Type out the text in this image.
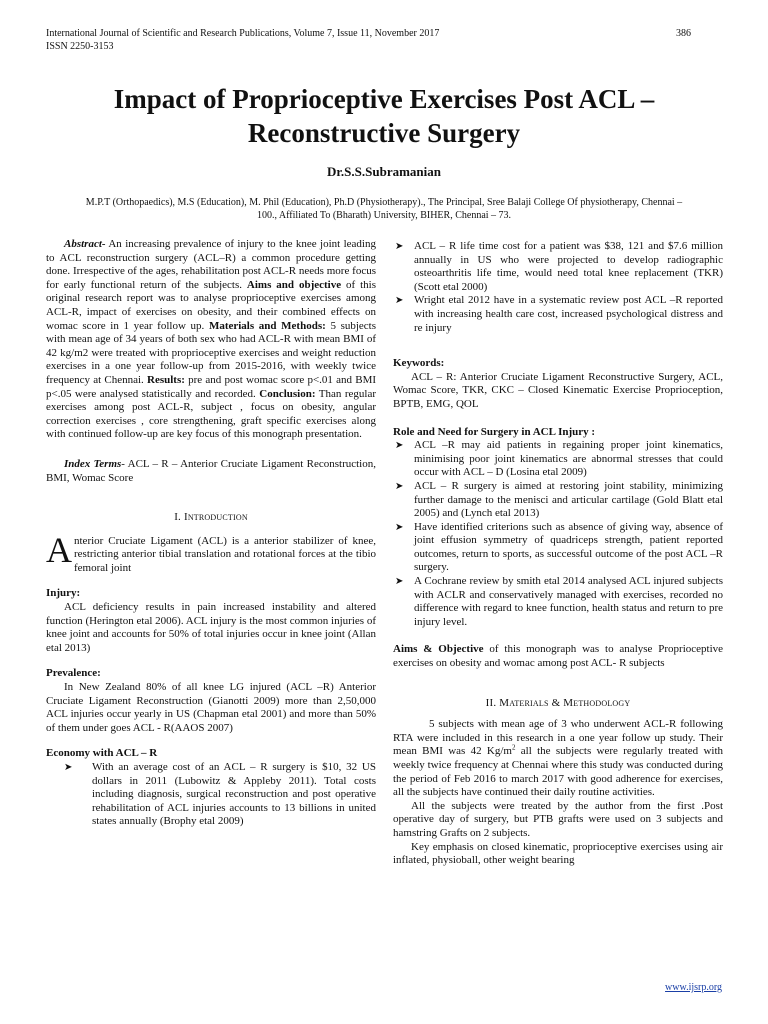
International Journal of Scientific and Research Publications, Volume 7, Issue 11, November 2017
ISSN 2250-3153
386
Impact of Proprioceptive Exercises Post ACL –
Reconstructive Surgery
Dr.S.S.Subramanian
M.P.T (Orthopaedics), M.S (Education), M. Phil (Education), Ph.D (Physiotherapy)., The Principal, Sree Balaji College Of physiotherapy, Chennai –
100., Affiliated To (Bharath) University, BIHER, Chennai – 73.

Abstract- An increasing prevalence of injury to the knee joint leading to ACL reconstruction surgery (ACL–R) a common procedure getting done. Irrespective of the ages, rehabilitation post ACL-R needs more focus for early functional return of the subjects. Aims and objective of this original research report was to analyse proprioceptive exercises among ACL-R, impact of exercises on obesity, and their combined effects on womac score in 1 year follow up. Materials and Methods: 5 subjects with mean age of 34 years of both sex who had ACL-R with mean BMI of 42 kg/m2 were treated with proprioceptive exercises and weight reduction exercises in a one year follow-up from 2015-2016, with weekly twice frequency at Chennai. Results: pre and post womac score p<.01 and BMI p<.05 were analysed statistically and recorded. Conclusion: Than regular exercises among post ACL-R, subject , focus on obesity, angular correction exercises , core strengthening, graft specific exercises along with continued follow-up are key focus of this monograph presentation.

Index Terms- ACL – R – Anterior Cruciate Ligament Reconstruction, BMI, Womac Score

I. Introduction

Anterior Cruciate Ligament (ACL) is a anterior stabilizer of knee, restricting anterior tibial translation and rotational forces at the tibio femoral joint

Injury:

ACL deficiency results in pain increased instability and altered function (Herington etal 2006). ACL injury is the most common injuries of knee joint and accounts for 50% of total injuries occur in knee joint (Allan etal 2013)

Prevalence:

In New Zealand 80% of all knee LG injured (ACL –R) Anterior Cruciate Ligament Reconstruction (Gianotti 2009) more than 2,50,000 ACL injuries occur yearly in US (Chapman etal 2001) and more than 50% of them under goes ACL - R(AAOS 2007)

Economy with ACL – R

➤ With an average cost of an ACL – R surgery is $10, 32 US dollars in 2011 (Lubowitz & Appleby 2011). Total costs including diagnosis, surgical reconstruction and post operative rehabilitation of ACL injuries accounts to 13 billions in united states annually (Brophy etal 2009)
➤ ACL – R life time cost for a patient was $38, 121 and $7.6 million annually in US who were projected to develop radiographic osteoarthritis life time, would need total knee replacement (TKR) (Scott etal 2000)
➤ Wright etal 2012 have in a systematic review post ACL –R reported with increasing health care cost, increased psychological distress and re injury

Keywords:

ACL – R: Anterior Cruciate Ligament Reconstructive Surgery, ACL, Womac Score, TKR, CKC – Closed Kinematic Exercise Proprioception, BPTB, EMG, QOL

Role and Need for Surgery in ACL Injury :

➤ ACL –R may aid patients in regaining proper joint kinematics, minimising poor joint kinematics are abnormal stresses that could occur with ACL – D (Losina etal 2009)
➤ ACL – R surgery is aimed at restoring joint stability, minimizing further damage to the menisci and articular cartilage (Gold Blatt etal 2005) and (Lynch etal 2013)
➤ Have identified criterions such as absence of giving way, absence of joint effusion symmetry of quadriceps strength, patient reported outcomes, return to sports, as successful outcome of the post ACL –R surgery.
➤ A Cochrane review by smith etal 2014 analysed ACL injured subjects with ACLR and conservatively managed with exercises, recorded no difference with regard to knee function, health status and return to pre injury level.

Aims & Objective of this monograph was to analyse Proprioceptive exercises on obesity and womac among post ACL- R subjects

II. Materials & Methodology

5 subjects with mean age of 3 who underwent ACL-R following RTA were included in this research in a one year follow up study. Their mean BMI was 42 $Kg/m^2$ all the subjects were regularly treated with weekly twice frequency at Chennai where this study was conducted during the period of Feb 2016 to march 2017 with good adherence for exercises, all the subjects have continued their daily routine activities.

All the subjects were treated by the author from the first .Post operative day of surgery, but PTB grafts were used on 3 subjects and hamstring Grafts on 2 subjects.

Key emphasis on closed kinematic, proprioceptive exercises using air inflated, physioball, other weight bearing

www.ijsrp.org
